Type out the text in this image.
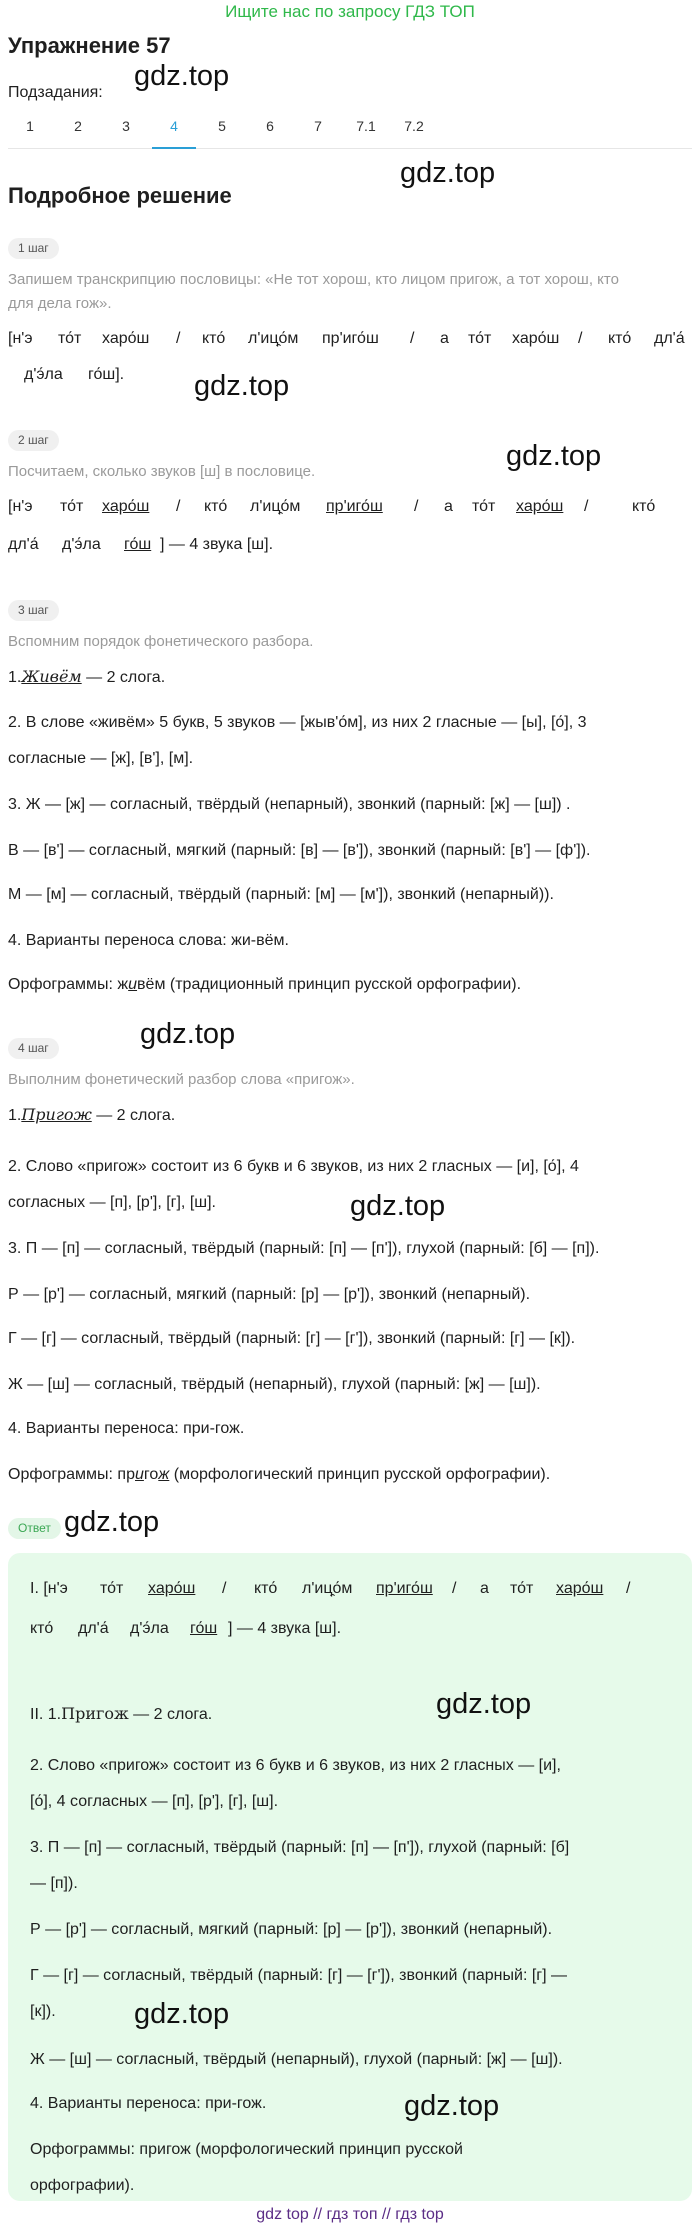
Ищите нас по запросу ГДЗ ТОП
Упражнение 57
Подзадания:
1	2	3	4	5	6	7	7.1	7.2
Подробное решение
1 шаг
Запишем транскрипцию пословицы: «Не тот хорош, кто лицом пригож, а тот хорош, кто
для дела гож».
[н'э то́т харо́ш / кто́ л'иц̯о́м пр'иго́ш / а то́т харо́ш / кто́ дл'а́
д'э́ла го́ш].
2 шаг
Посчитаем, сколько звуков [ш] в пословице.
[н'э то́т харо́ш / кто́ л'иц̯о́м пр'иго́ш / а то́т харо́ш /	кто́
дл'а́ д'э́ла го́ш ] — 4 звука [ш].
3 шаг
Вспомним порядок фонетического разбора.
1.Живём — 2 слога.
2. В слове «живём» 5 букв, 5 звуков — [жыв'о́м], из них 2 гласные — [ы], [о́], 3
согласные — [ж], [в'], [м].
3. Ж — [ж] — согласный, твёрдый (непарный), звонкий (парный: [ж] — [ш]) .
В — [в'] — согласный, мягкий (парный: [в] — [в']), звонкий (парный: [в'] — [ф']).
М — [м] — согласный, твёрдый (парный: [м] — [м']), звонкий (непарный)).
4. Варианты переноса слова: жи-вём.
Орфограммы: живём (традиционный принцип русской орфографии).
4 шаг
Выполним фонетический разбор слова «пригож».
1.Пригож — 2 слога.
2. Слово «пригож» состоит из 6 букв и 6 звуков, из них 2 гласных — [и], [о́], 4
согласных — [п], [р'], [г], [ш].
3. П — [п] — согласный, твёрдый (парный: [п] — [п']), глухой (парный: [б] — [п]).
Р — [р'] — согласный, мягкий (парный: [р] — [р']), звонкий (непарный).
Г — [г] — согласный, твёрдый (парный: [г] — [г']), звонкий (парный: [г] — [к]).
Ж — [ш] — согласный, твёрдый (непарный), глухой (парный: [ж] — [ш]).
4. Варианты переноса: при-гож.
Орфограммы: пригож (морфологический принцип русской орфографии).
Ответ
I. [н'э то́т харо́ш / кто́ л'иц̯о́м пр'иго́ш / а то́т харо́ш /
кто́ дл'а́ д'э́ла го́ш ] — 4 звука [ш].
II. 1.Пригож — 2 слога.
2. Слово «пригож» состоит из 6 букв и 6 звуков, из них 2 гласных — [и],
[о́], 4 согласных — [п], [р'], [г], [ш].
3. П — [п] — согласный, твёрдый (парный: [п] — [п']), глухой (парный: [б]
— [п]).
Р — [р'] — согласный, мягкий (парный: [р] — [р']), звонкий (непарный).
Г — [г] — согласный, твёрдый (парный: [г] — [г']), звонкий (парный: [г] —
[к]).
Ж — [ш] — согласный, твёрдый (непарный), глухой (парный: [ж] — [ш]).
4. Варианты переноса: при-гож.
Орфограммы: пригож (морфологический принцип русской
орфографии).
gdz.top
gdz.top
gdz.top
gdz.top
gdz.top
gdz.top
gdz.top
gdz.top
gdz.top
gdz.top
gdz top // гдз топ // гдз top
